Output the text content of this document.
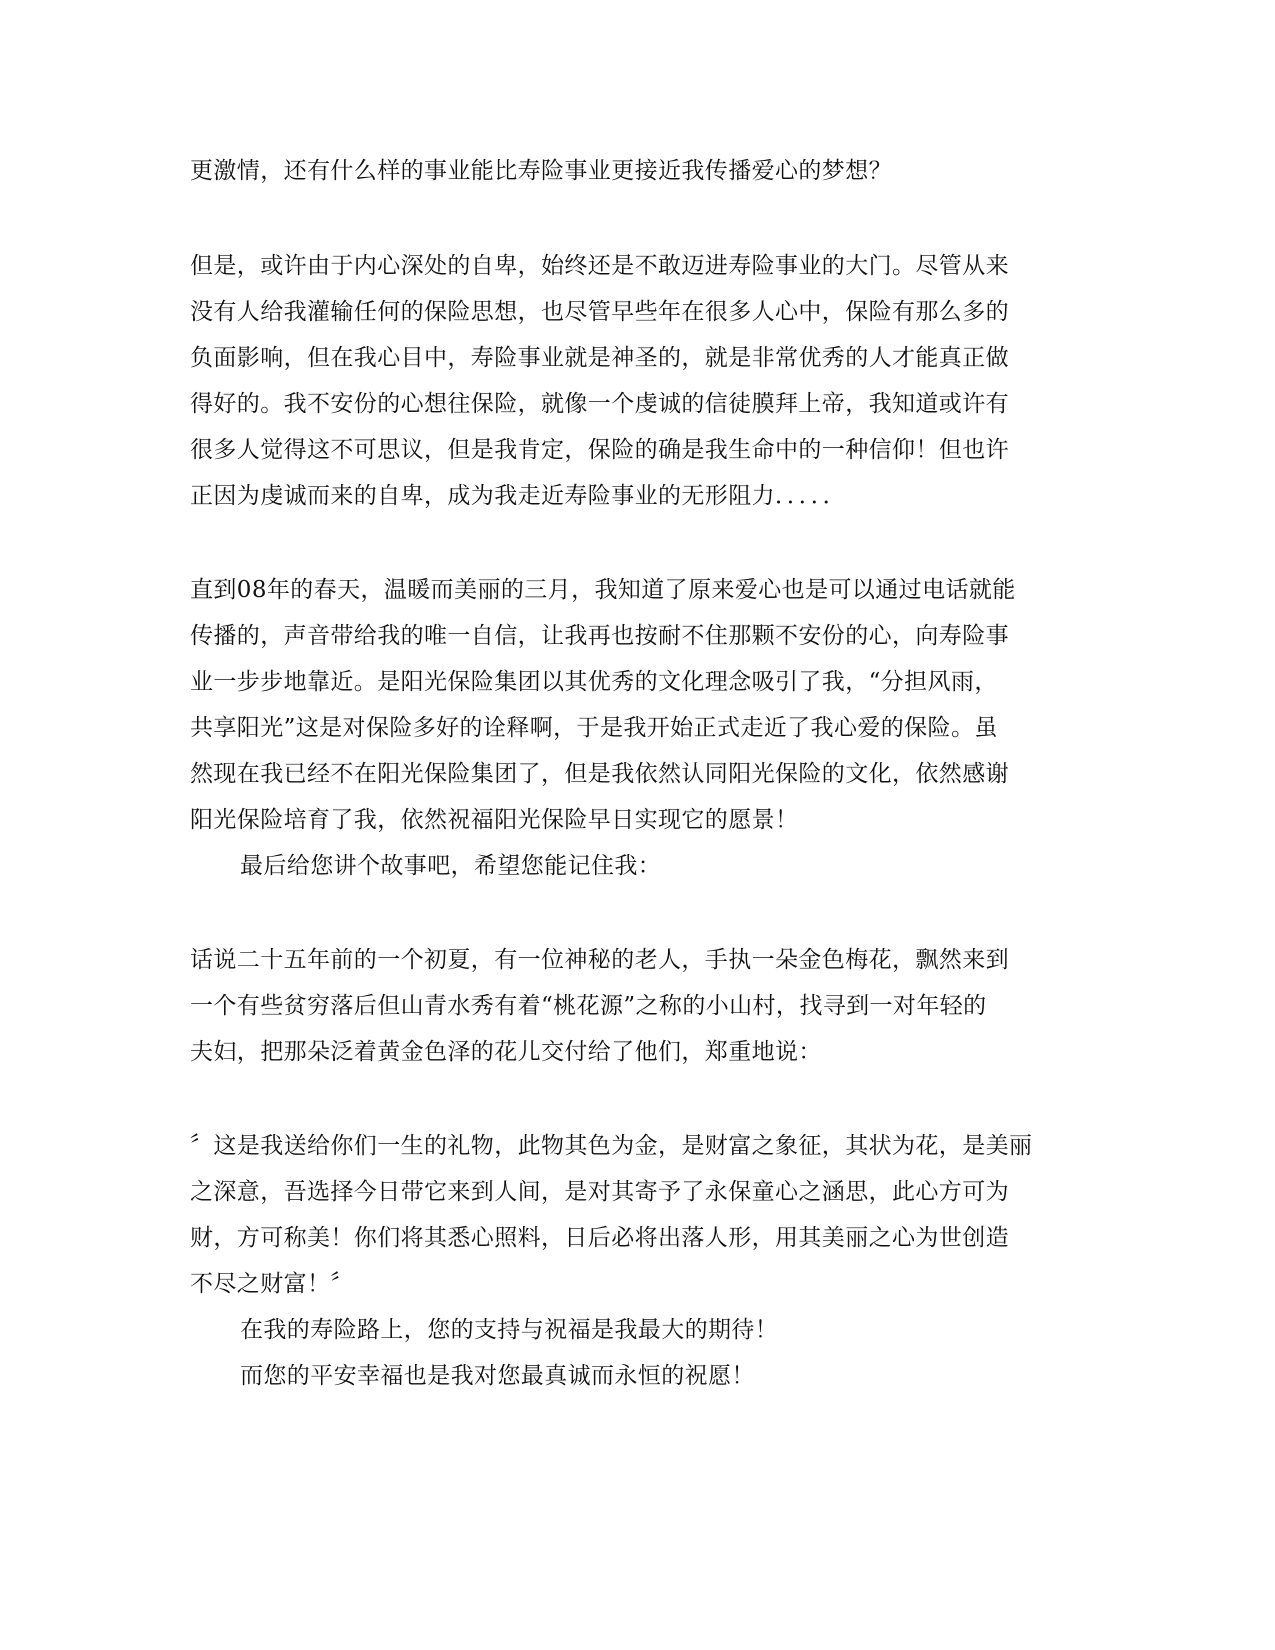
更激情，还有什么样的事业能比寿险事业更接近我传播爱心的梦想？
但是，或许由于内心深处的自卑，始终还是不敢迈进寿险事业的大门。尽管从来
没有人给我灌输任何的保险思想，也尽管早些年在很多人心中，保险有那么多的
负面影响，但在我心目中，寿险事业就是神圣的，就是非常优秀的人才能真正做
得好的。我不安份的心想往保险，就像一个虔诚的信徒膜拜上帝，我知道或许有
很多人觉得这不可思议，但是我肯定，保险的确是我生命中的一种信仰！但也许
正因为虔诚而来的自卑，成为我走近寿险事业的无形阻力．．．．．
直到08年的春天，温暖而美丽的三月，我知道了原来爱心也是可以通过电话就能
传播的，声音带给我的唯一自信，让我再也按耐不住那颗不安份的心，向寿险事
业一步步地靠近。是阳光保险集团以其优秀的文化理念吸引了我，“分担风雨，
共享阳光”这是对保险多好的诠释啊，于是我开始正式走近了我心爱的保险。虽
然现在我已经不在阳光保险集团了，但是我依然认同阳光保险的文化，依然感谢
阳光保险培育了我，依然祝福阳光保险早日实现它的愿景！
最后给您讲个故事吧，希望您能记住我：
话说二十五年前的一个初夏，有一位神秘的老人，手执一朵金色梅花，飘然来到
一个有些贫穷落后但山青水秀有着“桃花源”之称的小山村，找寻到一对年轻的
夫妇，把那朵泛着黄金色泽的花儿交付给了他们，郑重地说：
〞这是我送给你们一生的礼物，此物其色为金，是财富之象征，其状为花，是美丽
之深意，吾选择今日带它来到人间，是对其寄予了永保童心之涵思，此心方可为
财，方可称美！你们将其悉心照料，日后必将出落人形，用其美丽之心为世创造
不尽之财富！〞
在我的寿险路上，您的支持与祝福是我最大的期待！
而您的平安幸福也是我对您最真诚而永恒的祝愿！
